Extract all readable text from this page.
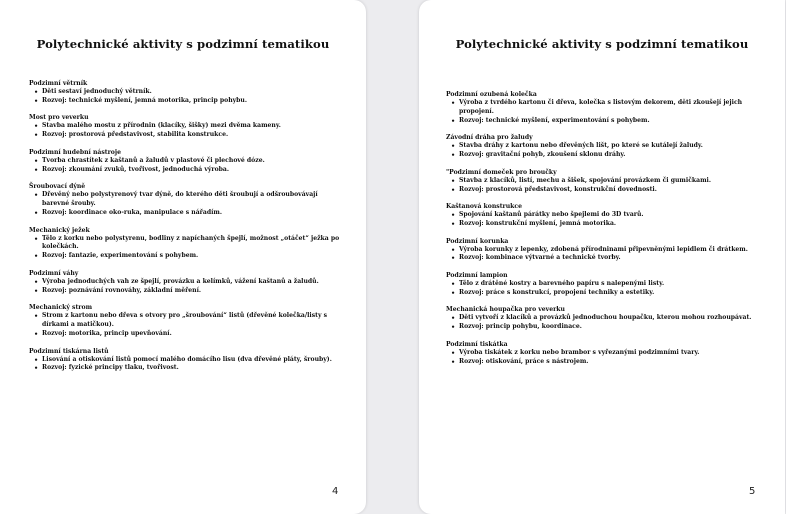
Polytechnické aktivity s podzimní tematikou
Podzimní větrník
• Děti sestaví jednoduchý větrník.
• Rozvoj: technické myšlení, jemná motorika, princip pohybu.
Most pro veverku
• Stavba malého mostu z přírodnin (klacíky, šišky) mezi dvěma kameny.
• Rozvoj: prostorová představivost, stabilita konstrukce.
Podzimní hudební nástroje
• Tvorba chrastítek z kaštanů a žaludů v plastové či plechové dóze.
• Rozvoj: zkoumání zvuků, tvořivost, jednoduchá výroba.
Šroubovací dýně
• Dřevěný nebo polystyrenový tvar dýně, do kterého děti šroubují a odšroubovávají barevné šrouby.
• Rozvoj: koordinace oko-ruka, manipulace s nářadím.
Mechanický ježek
• Tělo z korku nebo polystyrenu, bodliny z napíchaných špejlí, možnost „otáčet“ ježka po kolečkách.
• Rozvoj: fantazie, experimentování s pohybem.
Podzimní váhy
• Výroba jednoduchých vah ze špejlí, provázku a kelímků, vážení kaštanů a žaludů.
• Rozvoj: poznávání rovnováhy, základní měření.
Mechanický strom
• Strom z kartonu nebo dřeva s otvory pro „šroubování“ listů (dřevěné kolečka/listy s dírkami a matičkou).
• Rozvoj: motorika, princip upevňování.
Podzimní tiskárna listů
• Lisování a otiskování listů pomocí malého domácího lisu (dva dřevěné pláty, šrouby).
• Rozvoj: fyzické principy tlaku, tvořivost.
4
Polytechnické aktivity s podzimní tematikou
Podzimní ozubená kolečka
• Výroba z tvrdého kartonu či dřeva, kolečka s listovým dekorem, děti zkoušejí jejich propojení.
• Rozvoj: technické myšlení, experimentování s pohybem.
Závodní dráha pro žaludy
• Stavba dráhy z kartonu nebo dřevěných lišt, po které se kutálejí žaludy.
• Rozvoj: gravitační pohyb, zkoušení sklonu dráhy.
"Podzimní domeček pro broučky
• Stavba z klacíků, listí, mechu a šišek, spojování provázkem či gumičkami.
• Rozvoj: prostorová představivost, konstrukční dovednosti.
Kaštanová konstrukce
• Spojování kaštanů párátky nebo špejlemi do 3D tvarů.
• Rozvoj: konstrukční myšlení, jemná motorika.
Podzimní korunka
• Výroba korunky z lepenky, zdobená přírodninami připevněnými lepidlem či drátkem.
• Rozvoj: kombinace výtvarné a technické tvorby.
Podzimní lampion
• Tělo z drátěné kostry a barevného papíru s nalepenými listy.
• Rozvoj: práce s konstrukcí, propojení techniky a estetiky.
Mechanická houpačka pro veverku
• Děti vytvoří z klacíků a provázků jednoduchou houpačku, kterou mohou rozhoupávat.
• Rozvoj: princip pohybu, koordinace.
Podzimní tiskátka
• Výroba tiskátek z korku nebo brambor s vyřezanými podzimními tvary.
• Rozvoj: otiskování, práce s nástrojem.
5
